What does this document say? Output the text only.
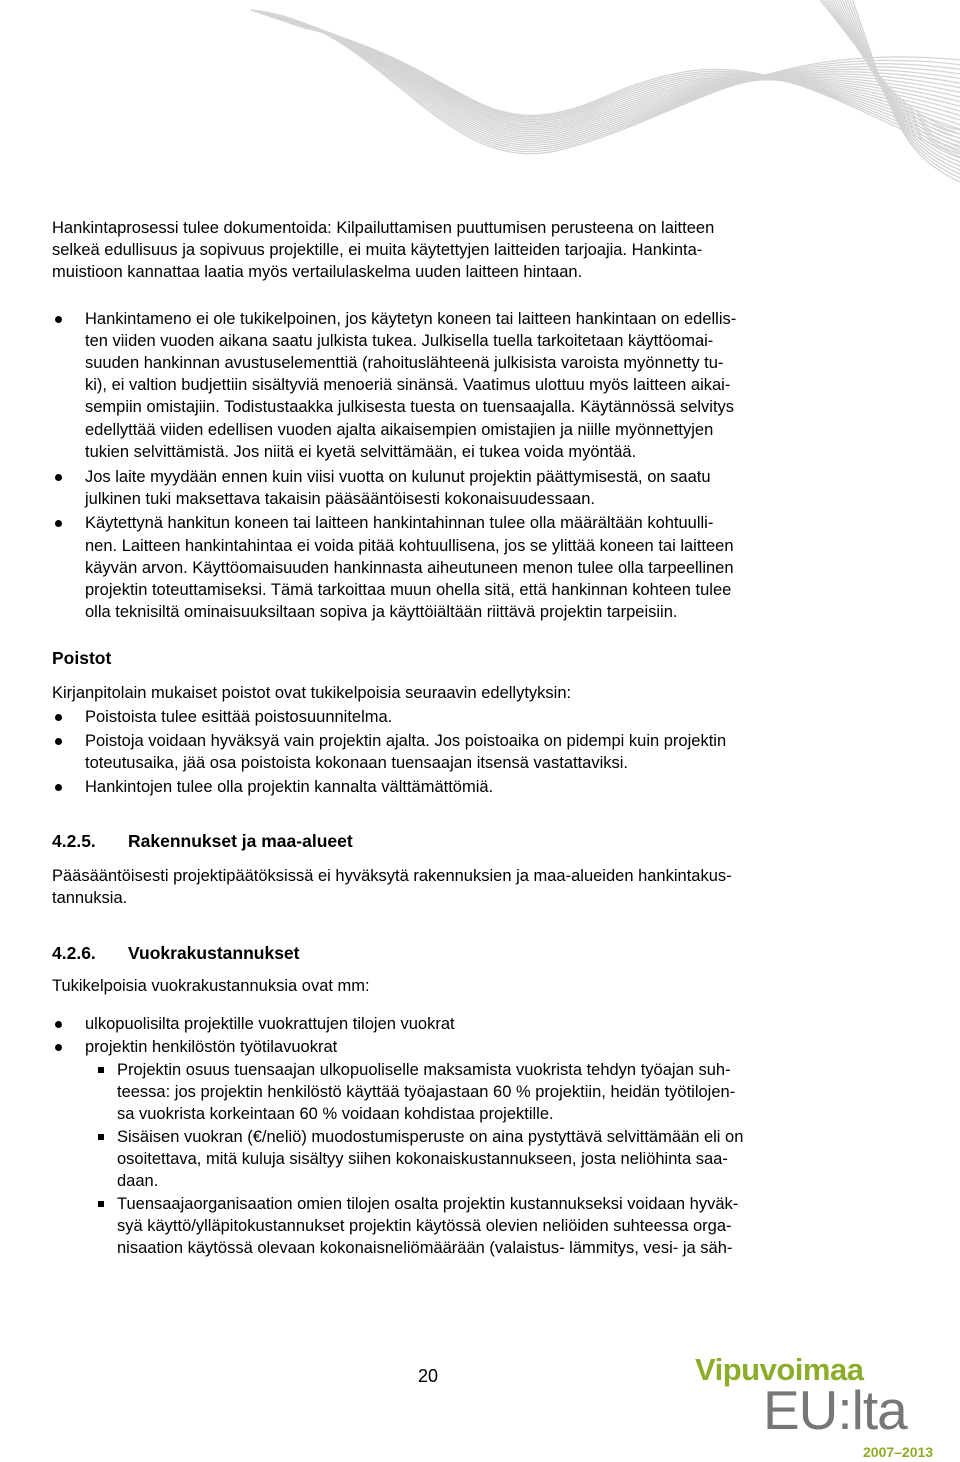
Hankintaprosessi tulee dokumentoida: Kilpailuttamisen puuttumisen perusteena on laitteen
selkeä edullisuus ja sopivuus projektille, ei muita käytettyjen laitteiden tarjoajia. Hankinta-
muistioon kannattaa laatia myös vertailulaskelma uuden laitteen hintaan.
Hankintameno ei ole tukikelpoinen, jos käytetyn koneen tai laitteen hankintaan on edellis-
ten viiden vuoden aikana saatu julkista tukea. Julkisella tuella tarkoitetaan käyttöomai-
suuden hankinnan avustuselementtiä (rahoituslähteenä julkisista varoista myönnetty tu-
ki), ei valtion budjettiin sisältyviä menoeriä sinänsä. Vaatimus ulottuu myös laitteen aikai-
sempiin omistajiin. Todistustaakka julkisesta tuesta on tuensaajalla. Käytännössä selvitys
edellyttää viiden edellisen vuoden ajalta aikaisempien omistajien ja niille myönnettyjen
tukien selvittämistä. Jos niitä ei kyetä selvittämään, ei tukea voida myöntää.
Jos laite myydään ennen kuin viisi vuotta on kulunut projektin päättymisestä, on saatu
julkinen tuki maksettava takaisin pääsääntöisesti kokonaisuudessaan.
Käytettynä hankitun koneen tai laitteen hankintahinnan tulee olla määrältään kohtuulli-
nen. Laitteen hankintahintaa ei voida pitää kohtuullisena, jos se ylittää koneen tai laitteen
käyvän arvon. Käyttöomaisuuden hankinnasta aiheutuneen menon tulee olla tarpeellinen
projektin toteuttamiseksi. Tämä tarkoittaa muun ohella sitä, että hankinnan kohteen tulee
olla teknisiltä ominaisuuksiltaan sopiva ja käyttöiältään riittävä projektin tarpeisiin.
Poistot
Kirjanpitolain mukaiset poistot ovat tukikelpoisia seuraavin edellytyksin:
Poistoista tulee esittää poistosuunnitelma.
Poistoja voidaan hyväksyä vain projektin ajalta. Jos poistoaika on pidempi kuin projektin
toteutusaika, jää osa poistoista kokonaan tuensaajan itsensä vastattaviksi.
Hankintojen tulee olla projektin kannalta välttämättömiä.
4.2.5. Rakennukset ja maa-alueet
Pääsääntöisesti projektipäätöksissä ei hyväksytä rakennuksien ja maa-alueiden hankintakus-
tannuksia.
4.2.6. Vuokrakustannukset
Tukikelpoisia vuokrakustannuksia ovat mm:
ulkopuolisilta projektille vuokrattujen tilojen vuokrat
projektin henkilöstön työtilavuokrat
Projektin osuus tuensaajan ulkopuoliselle maksamista vuokrista tehdyn työajan suh-
teessa: jos projektin henkilöstö käyttää työajastaan 60 % projektiin, heidän työtilojen-
sa vuokrista korkeintaan 60 % voidaan kohdistaa projektille.
Sisäisen vuokran (€/neliö) muodostumisperuste on aina pystyttävä selvittämään eli on
osoitettava, mitä kuluja sisältyy siihen kokonaiskustannukseen, josta neliöhinta saa-
daan.
Tuensaajaorganisaation omien tilojen osalta projektin kustannukseksi voidaan hyväk-
syä käyttö/ylläpitokustannukset projektin käytössä olevien neliöiden suhteessa orga-
nisaation käytössä olevaan kokonaisneliömäärään (valaistus- lämmitys, vesi- ja säh-
20	Vipuvoimaa
EU:lta
2007–2013
